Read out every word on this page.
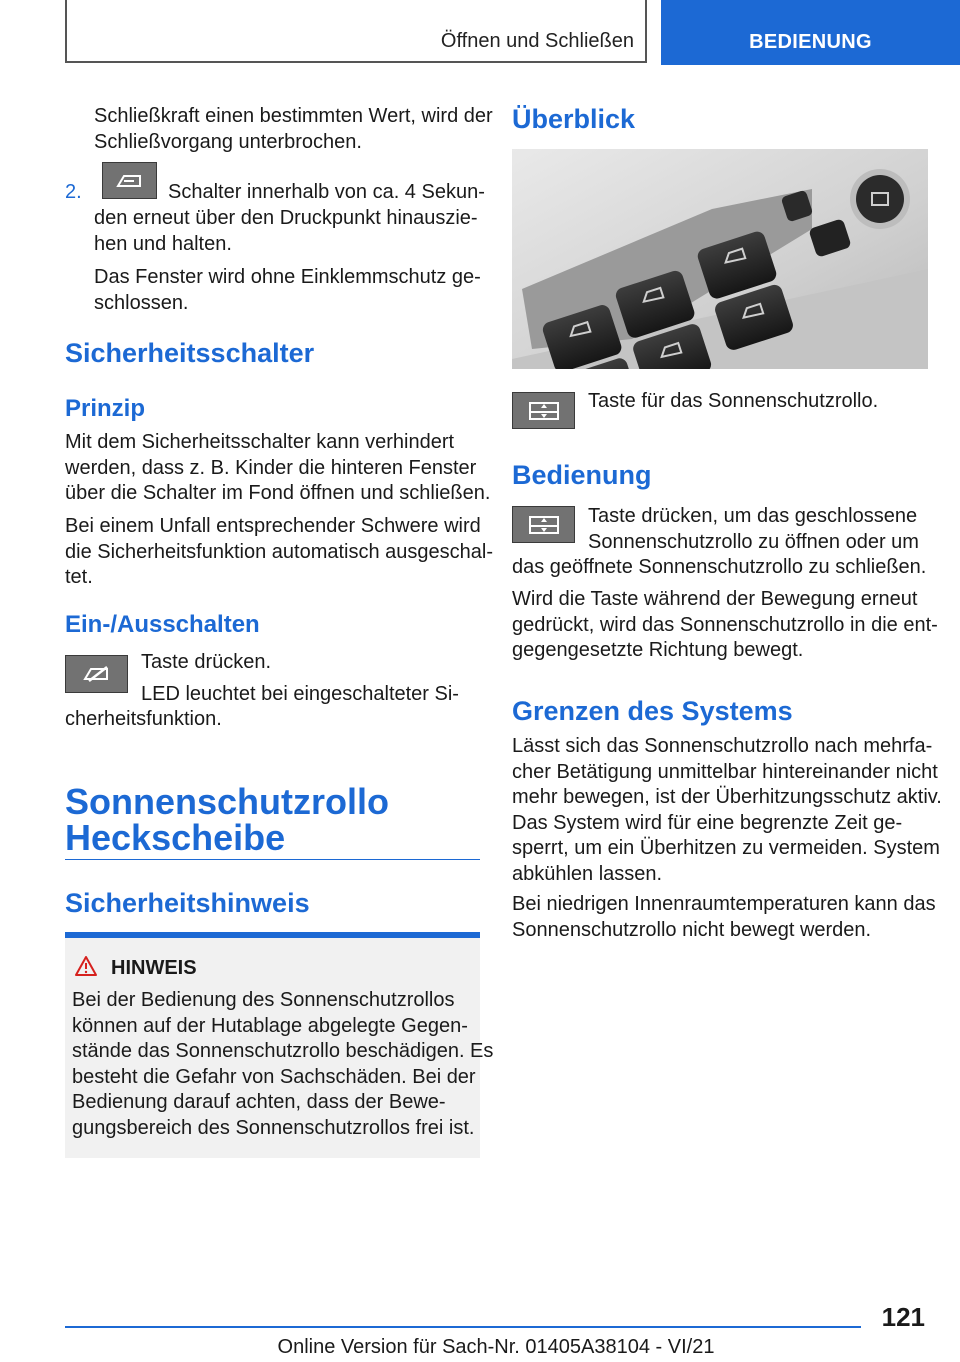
Öffnen und Schließen	BEDIENUNG
Schließkraft einen bestimmten Wert, wird der
Schließvorgang unterbrochen.
2.	Schalter innerhalb von ca. 4 Sekun-
den erneut über den Druckpunkt hinauszie-
hen und halten.
Das Fenster wird ohne Einklemmschutz ge-
schlossen.
Sicherheitsschalter
Prinzip
Mit dem Sicherheitsschalter kann verhindert
werden, dass z. B. Kinder die hinteren Fenster
über die Schalter im Fond öffnen und schließen.
Bei einem Unfall entsprechender Schwere wird
die Sicherheitsfunktion automatisch ausgeschal-
tet.
Ein-/Ausschalten
Taste drücken.
LED leuchtet bei eingeschalteter Si-
cherheitsfunktion.
Sonnenschutzrollo
Heckscheibe
Sicherheitshinweis
HINWEIS
Bei der Bedienung des Sonnenschutzrollos
können auf der Hutablage abgelegte Gegen-
stände das Sonnenschutzrollo beschädigen. Es
besteht die Gefahr von Sachschäden. Bei der
Bedienung darauf achten, dass der Bewe-
gungsbereich des Sonnenschutzrollos frei ist.
Überblick
Taste für das Sonnenschutzrollo.
Bedienung
Taste drücken, um das geschlossene
Sonnenschutzrollo zu öffnen oder um
das geöffnete Sonnenschutzrollo zu schließen.
Wird die Taste während der Bewegung erneut
gedrückt, wird das Sonnenschutzrollo in die ent-
gegengesetzte Richtung bewegt.
Grenzen des Systems
Lässt sich das Sonnenschutzrollo nach mehrfa-
cher Betätigung unmittelbar hintereinander nicht
mehr bewegen, ist der Überhitzungsschutz aktiv.
Das System wird für eine begrenzte Zeit ge-
sperrt, um ein Überhitzen zu vermeiden. System
abkühlen lassen.
Bei niedrigen Innenraumtemperaturen kann das
Sonnenschutzrollo nicht bewegt werden.
121
Online Version für Sach-Nr. 01405A38104 - VI/21
